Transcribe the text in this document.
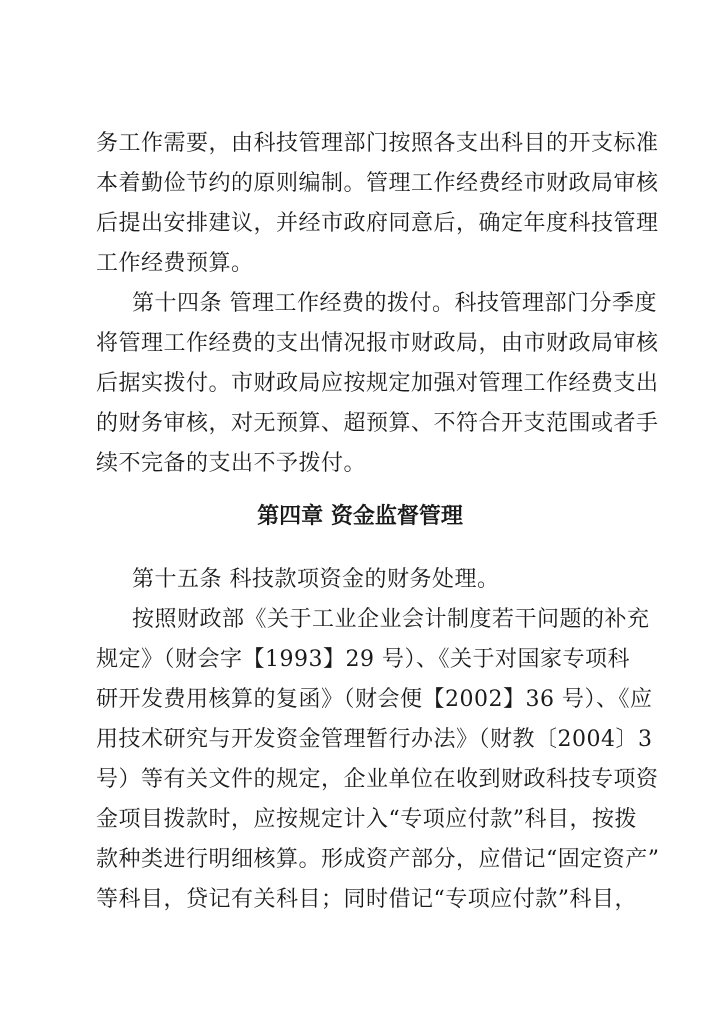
务工作需要，由科技管理部门按照各支出科目的开支标准
本着勤俭节约的原则编制。管理工作经费经市财政局审核
后提出安排建议，并经市政府同意后，确定年度科技管理
工作经费预算。
第十四条 管理工作经费的拨付。科技管理部门分季度
将管理工作经费的支出情况报市财政局，由市财政局审核
后据实拨付。市财政局应按规定加强对管理工作经费支出
的财务审核，对无预算、超预算、不符合开支范围或者手
续不完备的支出不予拨付。
第四章 资金监督管理
第十五条 科技款项资金的财务处理。
按照财政部《关于工业企业会计制度若干问题的补充
规定》（财会字【1993】29 号）、《关于对国家专项科
研开发费用核算的复函》（财会便【2002】36 号）、《应
用技术研究与开发资金管理暂行办法》（财教〔2004〕3
号）等有关文件的规定，企业单位在收到财政科技专项资
金项目拨款时，应按规定计入“专项应付款”科目，按拨
款种类进行明细核算。形成资产部分，应借记“固定资产”
等科目，贷记有关科目；同时借记“专项应付款”科目，
